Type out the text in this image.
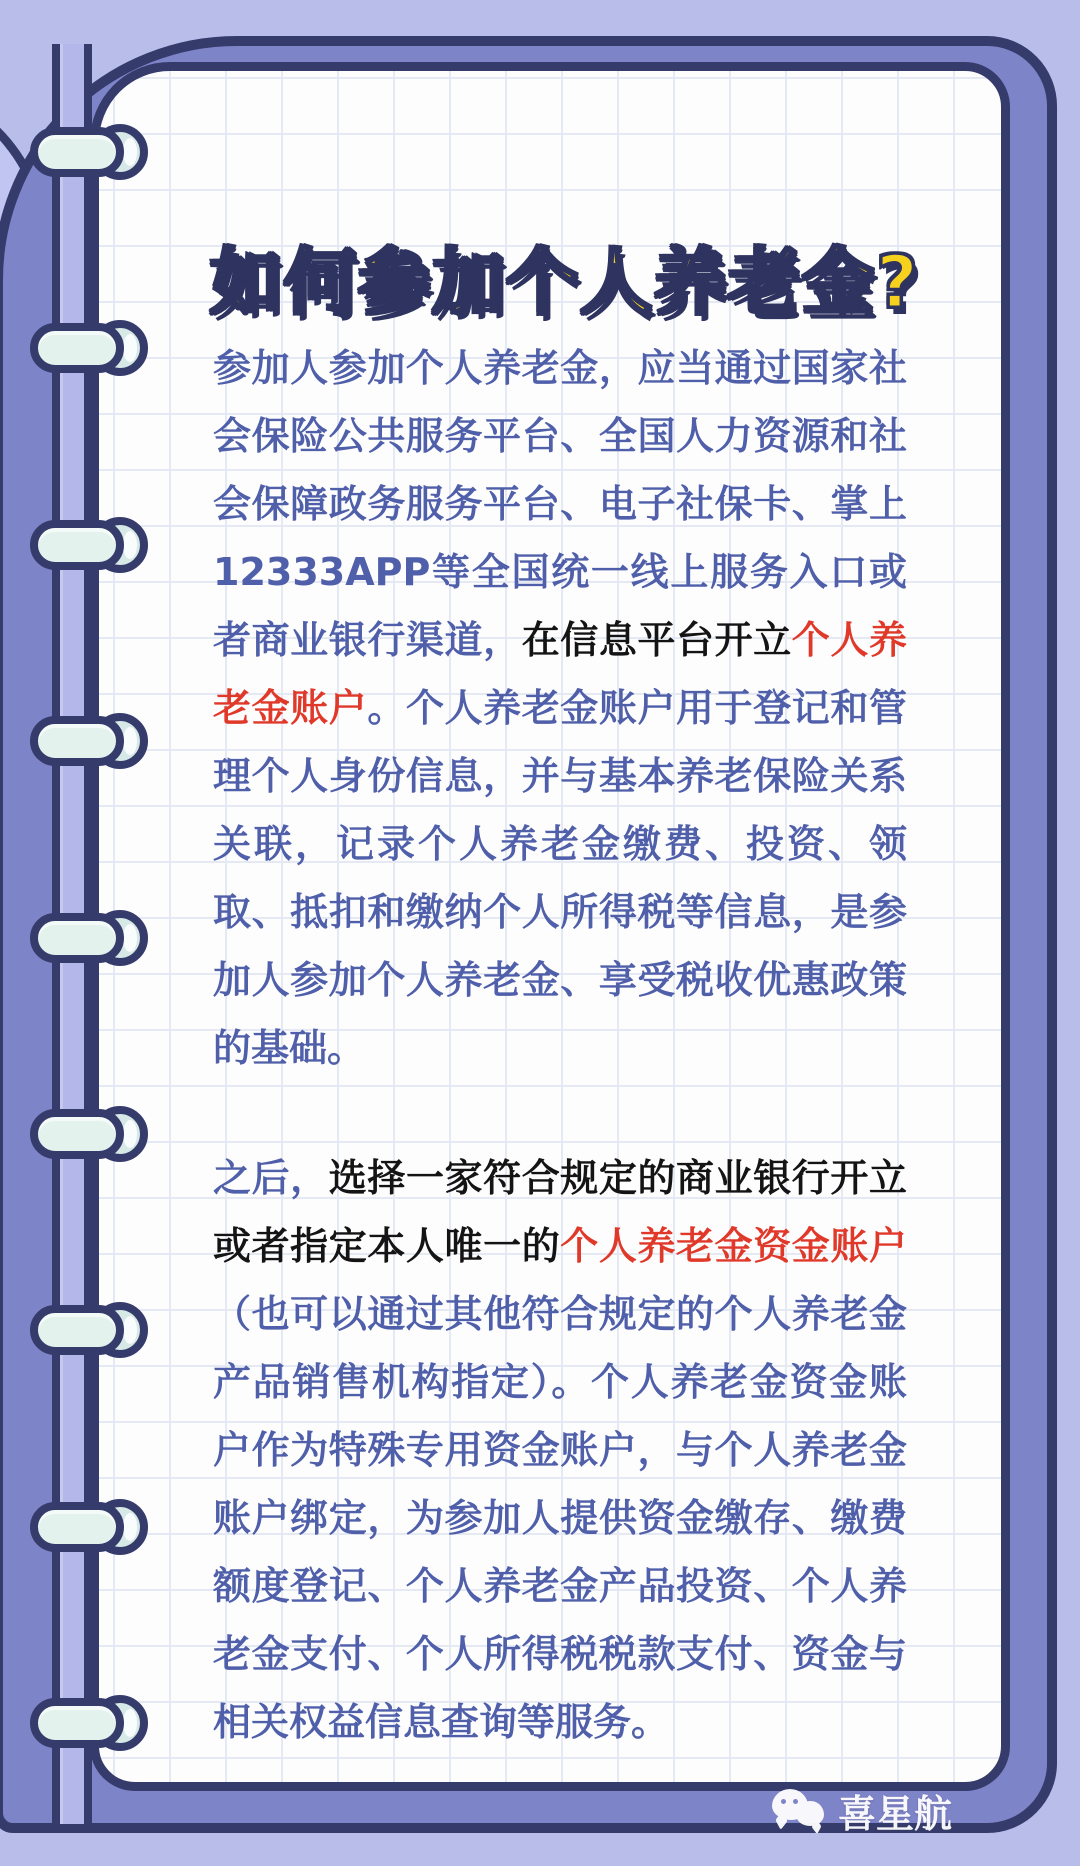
如何参加个人养老金?

参加人参加个人养老金，应当通过国家社会保险公共服务平台、全国人力资源和社会保障政务服务平台、电子社保卡、掌上12333APP等全国统一线上服务入口或者商业银行渠道，在信息平台开立个人养老金账户。个人养老金账户用于登记和管理个人身份信息，并与基本养老保险关系关联，记录个人养老金缴费、投资、领取、抵扣和缴纳个人所得税等信息，是参加人参加个人养老金、享受税收优惠政策的基础。

之后，选择一家符合规定的商业银行开立或者指定本人唯一的个人养老金资金账户（也可以通过其他符合规定的个人养老金产品销售机构指定）。个人养老金资金账户作为特殊专用资金账户，与个人养老金账户绑定，为参加人提供资金缴存、缴费额度登记、个人养老金产品投资、个人养老金支付、个人所得税税款支付、资金与相关权益信息查询等服务。

喜星航
